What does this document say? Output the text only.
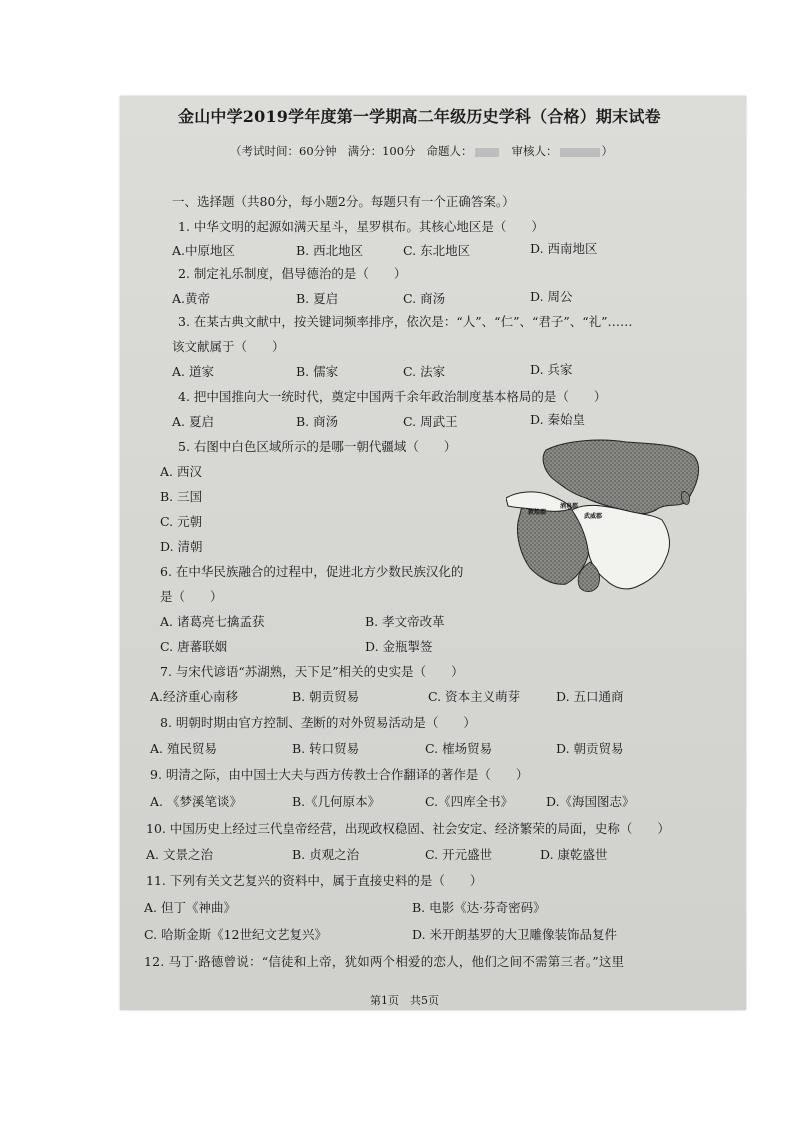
金山中学2019学年度第一学期高二年级历史学科（合格）期末试卷
（考试时间：60分钟 满分：100分 命题人：	审核人：	）
一、选择题（共80分，每小题2分。每题只有一个正确答案。）
1. 中华文明的起源如满天星斗，星罗棋布。其核心地区是（　　）
A.中原地区	B. 西北地区	C. 东北地区	D. 西南地区
2. 制定礼乐制度，倡导德治的是（　　）
A.黄帝	B. 夏启	C. 商汤	D. 周公
3. 在某古典文献中，按关键词频率排序，依次是：“人”、“仁”、“君子”、“礼”……
该文献属于（　　）
A. 道家	B. 儒家	C. 法家	D. 兵家
4. 把中国推向大一统时代，奠定中国两千余年政治制度基本格局的是（　　）
A. 夏启	B. 商汤	C. 周武王	D. 秦始皇
5. 右图中白色区域所示的是哪一朝代疆域（　　）
A. 西汉
B. 三国
C. 元朝
D. 清朝
敦煌郡
酒泉郡
武威郡
6. 在中华民族融合的过程中，促进北方少数民族汉化的
是（　　）
A. 诸葛亮七擒孟获	B. 孝文帝改革
C. 唐蕃联姻	D. 金瓶掣签
7. 与宋代谚语“苏湖熟，天下足”相关的史实是（　　）
A.经济重心南移	B. 朝贡贸易	C. 资本主义萌芽	D. 五口通商
8. 明朝时期由官方控制、垄断的对外贸易活动是（　　）
A. 殖民贸易	B. 转口贸易	C. 榷场贸易	D. 朝贡贸易
9. 明清之际，由中国士大夫与西方传教士合作翻译的著作是（　　）
A. 《梦溪笔谈》	B.《几何原本》	C.《四库全书》	D.《海国图志》
10. 中国历史上经过三代皇帝经营，出现政权稳固、社会安定、经济繁荣的局面，史称（　　）
A. 文景之治	B. 贞观之治	C. 开元盛世	D. 康乾盛世
11. 下列有关文艺复兴的资料中，属于直接史料的是（　　）
A. 但丁《神曲》	B. 电影《达·芬奇密码》
C. 哈斯金斯《12世纪文艺复兴》	D. 米开朗基罗的大卫雕像装饰品复件
12. 马丁·路德曾说：“信徒和上帝，犹如两个相爱的恋人，他们之间不需第三者。”这里
第1页　共5页
